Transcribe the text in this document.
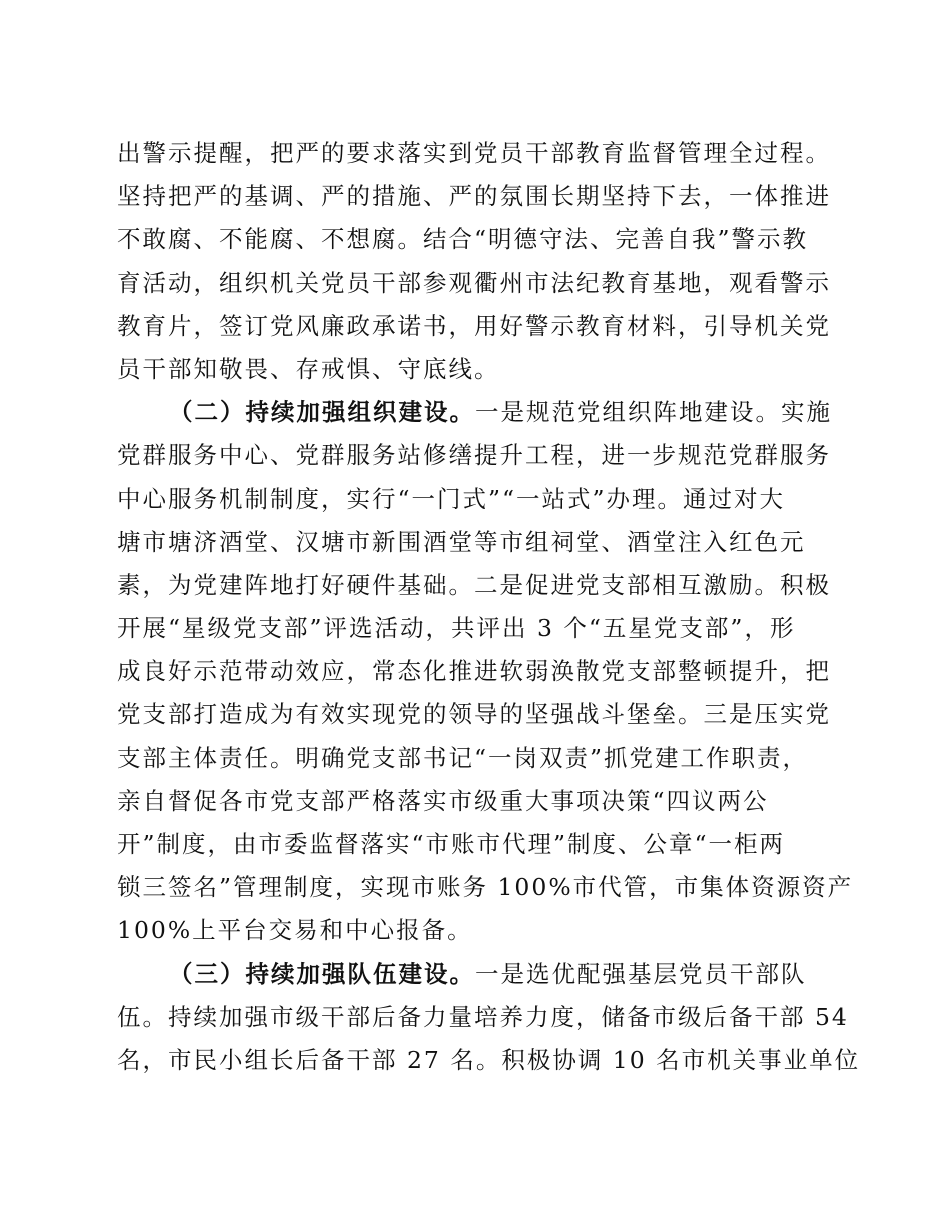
出警示提醒，把严的要求落实到党员干部教育监督管理全过程。
坚持把严的基调、严的措施、严的氛围长期坚持下去，一体推进
不敢腐、不能腐、不想腐。结合“明德守法、完善自我”警示教
育活动，组织机关党员干部参观衢州市法纪教育基地，观看警示
教育片，签订党风廉政承诺书，用好警示教育材料，引导机关党
员干部知敬畏、存戒惧、守底线。
（二）持续加强组织建设。一是规范党组织阵地建设。实施
党群服务中心、党群服务站修缮提升工程，进一步规范党群服务
中心服务机制制度，实行“一门式”“一站式”办理。通过对大
塘市塘济酒堂、汉塘市新围酒堂等市组祠堂、酒堂注入红色元
素，为党建阵地打好硬件基础。二是促进党支部相互激励。积极
开展“星级党支部”评选活动，共评出 3 个“五星党支部”，形
成良好示范带动效应，常态化推进软弱涣散党支部整顿提升，把
党支部打造成为有效实现党的领导的坚强战斗堡垒。三是压实党
支部主体责任。明确党支部书记“一岗双责”抓党建工作职责，
亲自督促各市党支部严格落实市级重大事项决策“四议两公
开”制度，由市委监督落实“市账市代理”制度、公章“一柜两
锁三签名”管理制度，实现市账务 100%市代管，市集体资源资产
100%上平台交易和中心报备。
（三）持续加强队伍建设。一是选优配强基层党员干部队
伍。持续加强市级干部后备力量培养力度，储备市级后备干部 54
名，市民小组长后备干部 27 名。积极协调 10 名市机关事业单位
